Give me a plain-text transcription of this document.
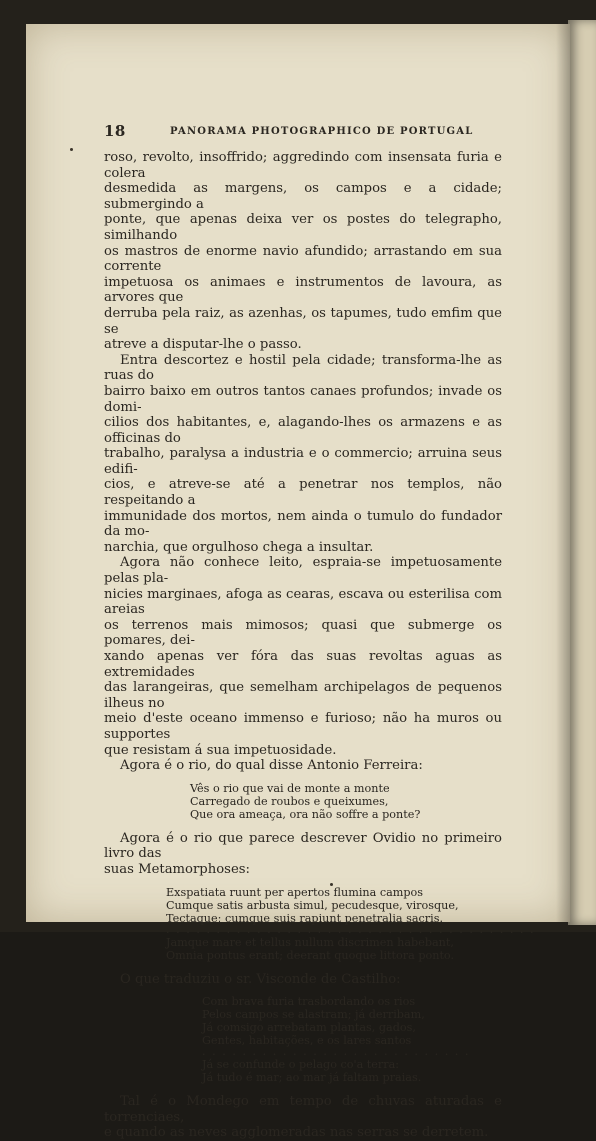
18	PANORAMA PHOTOGRAPHICO DE PORTUGAL

roso, revolto, insoffrido; aggredindo com insensata furia e colera

desmedida as margens, os campos e a cidade; submergindo a

ponte, que apenas deixa ver os postes do telegrapho, similhando

os mastros de enorme navio afundido; arrastando em sua corrente

impetuosa os animaes e instrumentos de lavoura, as arvores que

derruba pela raiz, as azenhas, os tapumes, tudo emfim que se

atreve a disputar-lhe o passo.

Entra descortez e hostil pela cidade; transforma-lhe as ruas do

bairro baixo em outros tantos canaes profundos; invade os domi-

cilios dos habitantes, e, alagando-lhes os armazens e as officinas do

trabalho, paralysa a industria e o commercio; arruina seus edifi-

cios, e atreve-se até a penetrar nos templos, não respeitando a

immunidade dos mortos, nem ainda o tumulo do fundador da mo-

narchia, que orgulhoso chega a insultar.

Agora não conhece leito, espraia-se impetuosamente pelas pla-

nicies marginaes, afoga as cearas, escava ou esterilisa com areias

os terrenos mais mimosos; quasi que submerge os pomares, dei-

xando apenas ver fóra das suas revoltas aguas as extremidades

das larangeiras, que semelham archipelagos de pequenos ilheus no

meio d'este oceano immenso e furioso; não ha muros ou supportes

que resistam á sua impetuosidade.

Agora é o rio, do qual disse Antonio Ferreira:

Vês o rio que vai de monte a monte
Carregado de roubos e queixumes,
Que ora ameaça, ora não soffre a ponte?

Agora é o rio que parece descrever Ovidio no primeiro livro das

suas Metamorphoses:

Exspatiata ruunt per apertos flumina campos
Cumque satis arbusta simul, pecudesque, virosque,
Tectaque; cumque suis rapiunt penetralia sacris.
. . . . . . . . . . . . . . . . . . . . . . . . . . . . . . . . . . . . .
Jamque mare et tellus nullum discrimen habebant,
Omnia pontus erant; deerant quoque littora ponto.

O que traduziu o sr. Visconde de Castilho:

Com brava furia trasbordando os rios
Pelos campos se alastram; já derribam,
Já comsigo arrebatam plantas, gados,
Gentes, habitações, e os lares santos
. . . . . . . . . . . . . . . . . . . . . . . . . . .
Já se confunde o pelago co'a terra:
Já tudo é mar; ao mar já faltam praias.

Tal é o Mondego em tempo de chuvas aturadas e torrenciaes,

e quando as neves agglomeradas nas serras se derretem.
